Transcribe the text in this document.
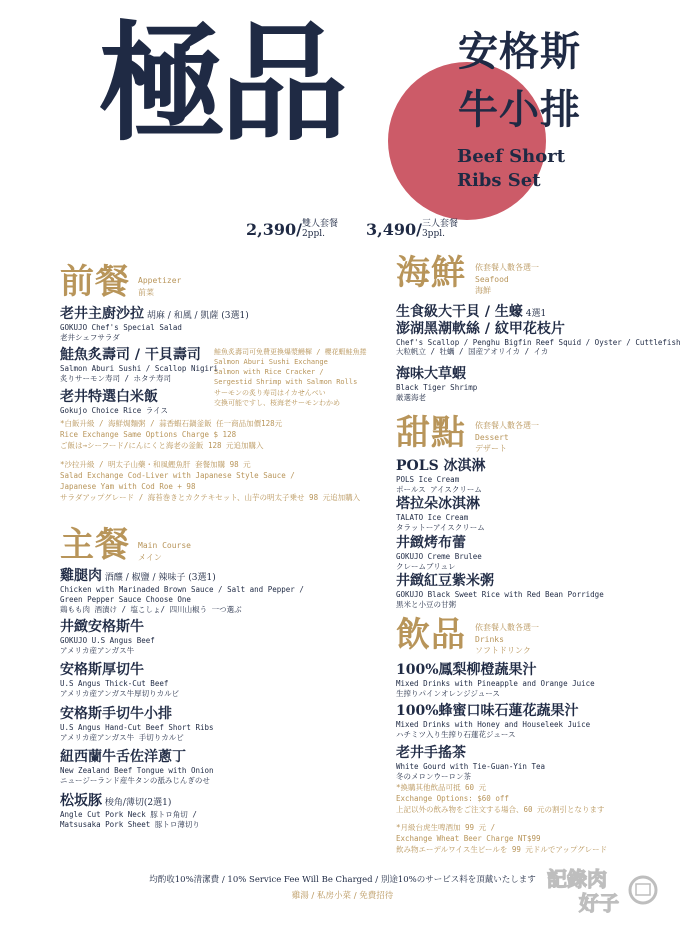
極品	安格斯
牛小排
Beef Short
Ribs Set
2,390/雙人套餐
2ppl.	3,490/三人套餐
3ppl.
前餐 Appetizer
前菜
老井主廚沙拉 胡麻 / 和風 / 凱薩 (3選1)
GOKUJO Chef's Special Salad
老井シェフサラダ
鮭魚炙壽司 / 干貝壽司
Salmon Aburi Sushi / Scallop Nigiri
炙りサーモン寿司 / ホタテ寿司
老井特選白米飯
Gokujo Choice Rice ライス
鮭魚炙壽司可免費更換爆漿鰻樨 / 櫻花蝦鮭魚捲
Salmon Aburi Sushi Exchange
Salmon with Rice Cracker /
Sergestid Shrimp with Salmon Rolls
サーモンの炙り寿司はイカせんべい
交換可能ですし、桜海老サーモンわかめ
*白飯升級 / 海鮮焗麵粥 / 蒜香蝦石鍋釜飯 任一商品加價128元
Rice Exchange Same Options Charge $ 128
ご飯は→シーフード/にんにくと海老の釜飯 128 元追加購入
*沙拉升級 / 明太子山藥・和風鰹魚肝 套餐加購 98 元
Salad Exchange Cod-Liver with Japanese Style Sauce /
Japanese Yam with Cod Roe + 98
サラダアップグレード / 海苔巻きとカクテキセット、山芋の明太子乗せ 98 元追加購入
主餐 Main Course
メイン
雞腿肉 酒釀 / 椒鹽 / 辣味子 (3選1)
Chicken with Marinaded Brown Sauce / Salt and Pepper /
Green Pepper Sauce Choose One
鶏もも肉 酒漬け / 塩こしょ/ 四川山椒う 一つ選ぶ
井緻安格斯牛
GOKUJO U.S Angus Beef
アメリカ産アンガス牛
安格斯厚切牛
U.S Angus Thick-Cut Beef
アメリカ産アンガス牛厚切りカルビ
安格斯手切牛小排
U.S Angus Hand-Cut Beef Short Ribs
アメリカ産アンガス牛 手切りカルビ
紐西蘭牛舌佐洋蔥丁
New Zealand Beef Tongue with Onion
ニュージーランド産牛タンの舐みじんぎのせ
松坂豚 梭角/薄切(2選1)
Angle Cut Pork Neck 豚トロ角切 /
Matsusaka Pork Sheet 豚トロ薄切り
海鮮 依套餐人數各選一
Seafood
海鮮
生食級大干貝 / 生蠔 4選1
澎湖黑潮軟絲 / 紋甲花枝片
Chef's Scallop / Penghu Bigfin Reef Squid / Oyster / Cuttlefish
大粒帆立 / 牡蠣 / 国産アオリイカ / イカ
海味大草蝦
Black Tiger Shrimp
厳選海老
甜點 依套餐人數各選一
Dessert
デザート
POLS 冰淇淋
POLS Ice Cream
ポールス アイスクリーム
塔拉朵冰淇淋
TALATO Ice Cream
タラットーアイスクリーム
井緻烤布蕾
GOKUJO Creme Brulee
クレームブリュレ
井緻紅豆紫米粥
GOKUJO Black Sweet Rice with Red Bean Porridge
黒米と小豆の甘粥
飲品 依套餐人數各選一
Drinks
ソフトドリンク
100%鳳梨柳橙蔬果汁
Mixed Drinks with Pineapple and Orange Juice
生搾りパインオレンジジュース
100%蜂蜜口味石蓮花蔬果汁
Mixed Drinks with Honey and Houseleek Juice
ハチミツ入り生搾り石蓮花ジュース
老井手搖茶
White Gourd with Tie-Guan-Yin Tea
冬のメロンウーロン茶
*換購其他飲品可抵 60 元
Exchange Options: $60 off
上記以外の飲み物をご注文する場合、60 元の割引となります
*月級台虎生啤酒加 99 元 /
Exchange Wheat Beer Charge NT$99
飲み物エーデルワイス生ビールを 99 元ドルでアップグレード
均酌收10%清潔費 / 10% Service Fee Will Be Charged / 別途10%のサービス料を頂戴いたします
雞湯 / 私房小菜 / 免費招待
記錄肉
好子
